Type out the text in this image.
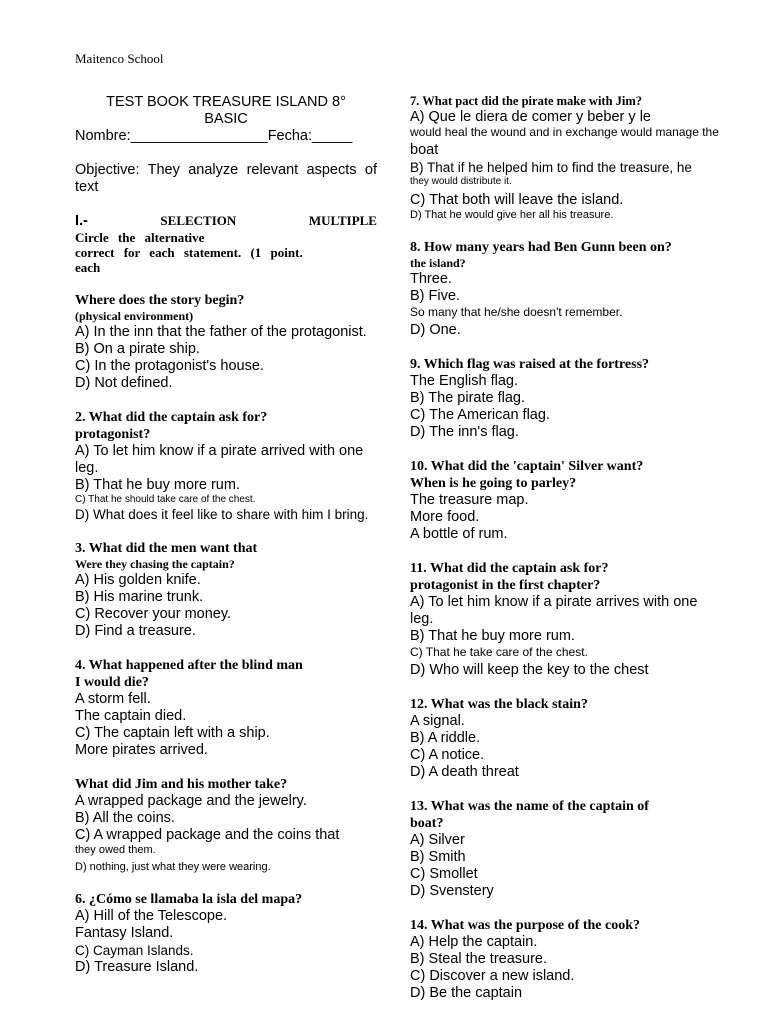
Maitenco School
TEST BOOK TREASURE ISLAND 8°
BASIC
Nombre:_________________Fecha:_____
Objective: They analyze relevant aspects of text
I.-	SELECTION	MULTIPLE
Circle the alternative
correct for each statement. (1 point.
each
Where does the story begin?
(physical environment)
A) In the inn that the father of the protagonist.
B) On a pirate ship.
C) In the protagonist's house.
D) Not defined.
2. What did the captain ask for?
protagonist?
A) To let him know if a pirate arrived with one leg.
B) That he buy more rum.
C) That he should take care of the chest.
D) What does it feel like to share with him I bring.
3. What did the men want that
Were they chasing the captain?
A) His golden knife.
B) His marine trunk.
C) Recover your money.
D) Find a treasure.
4. What happened after the blind man
I would die?
A storm fell.
The captain died.
C) The captain left with a ship.
More pirates arrived.
What did Jim and his mother take?
A wrapped package and the jewelry.
B) All the coins.
C) A wrapped package and the coins that
they owed them.
D) nothing, just what they were wearing.
6. ¿Cómo se llamaba la isla del mapa?
A) Hill of the Telescope.
Fantasy Island.
C) Cayman Islands.
D) Treasure Island.
7. What pact did the pirate make with Jim?
A) Que le diera de comer y beber y le
would heal the wound and in exchange would manage the
boat
B) That if he helped him to find the treasure, he
they would distribute it.
C) That both will leave the island.
D) That he would give her all his treasure.
8. How many years had Ben Gunn been on?
the island?
Three.
B) Five.
So many that he/she doesn't remember.
D) One.
9. Which flag was raised at the fortress?
The English flag.
B) The pirate flag.
C) The American flag.
D) The inn's flag.
10. What did the 'captain' Silver want?
When is he going to parley?
The treasure map.
More food.
A bottle of rum.
11. What did the captain ask for?
protagonist in the first chapter?
A) To let him know if a pirate arrives with one leg.
B) That he buy more rum.
C) That he take care of the chest.
D) Who will keep the key to the chest
12. What was the black stain?
A signal.
B) A riddle.
C) A notice.
D) A death threat
13. What was the name of the captain of
boat?
A) Silver
B) Smith
C) Smollet
D) Svenstery
14. What was the purpose of the cook?
A) Help the captain.
B) Steal the treasure.
C) Discover a new island.
D) Be the captain
